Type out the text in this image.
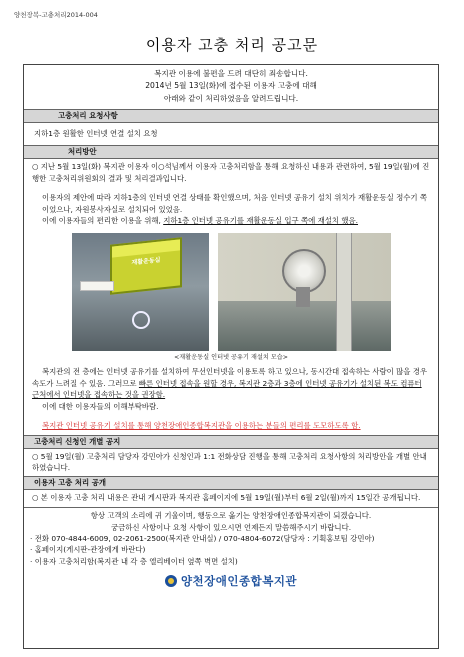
양천장복-고충처리2014-004
이용자 고충 처리 공고문
복지관 이용에 불편을 드려 대단히 죄송합니다.
2014년 5월 13일(화)에 접수된 이용자 고충에 대해
아래와 같이 처리하였음을 알려드립니다.
고충처리 요청사항
지하1층 원활한 인터넷 연결 설치 요청
처리방안
○ 지난 5월 13일(화) 복지관 이용자 이○석님께서 이용자 고충처리함을 통해 요청하신 내용과 관련하여, 5월 19일(월)에 진행한 고충처리위원회의 결과 및 처리결과입니다.
이용자의 제안에 따라 지하1층의 인터넷 연결 상태를 확인했으며, 처음 인터넷 공유기 설치 위치가 재활운동실 정수기 쪽이었으나, 자원봉사자실로 설치되어 있었음.
이에 이용자들의 편리한 이용을 위해, 지하1층 인터넷 공유기를 재활운동실 입구 쪽에 재설치 했음.
재활운동실
<재활운동실 인터넷 공유기 재설치 모습>
복지관의 전 층에는 인터넷 공유기를 설치하여 무선인터넷을 이용토록 하고 있으나, 동시간대 접속하는 사람이 많을 경우 속도가 느려질 수 있음. 그러므로 빠른 인터넷 접속을 원할 경우, 복지관 2층과 3층에 인터넷 공유기가 설치된 복도 컴퓨터 근처에서 인터넷을 접속하는 것을 권장함.
이에 대한 이용자들의 이해부탁바람.
복지관 인터넷 공유기 설치를 통해 양천장애인종합복지관을 이용하는 분들의 편리를 도모하도록 함.
고충처리 신청인 개별 공지
○ 5월 19일(월) 고충처리 담당자 강민아가 신청인과 1:1 전화상담 진행을 통해 고충처리 요청사항의 처리방안을 개별 안내하였습니다.
이용자 고충 처리 공개
○ 본 이용자 고충 처리 내용은 관내 게시판과 복지관 홈페이지에 5월 19일(월)부터 6월 2일(월)까지 15일간 공개됩니다.
항상 고객의 소리에 귀 기울이며, 행동으로 옮기는 양천장애인종합복지관이 되겠습니다.
궁금하신 사항이나 요청 사항이 있으시면 언제든지 말씀해주시기 바랍니다.
· 전화 070-4844-6009, 02-2061-2500(복지관 안내실) / 070-4804-6072(담당자 : 기획홍보팀 강민아)
· 홈페이지(게시판-관장에게 바란다)
· 이용자 고충처리함(복지관 내 각 층 엘리베이터 옆쪽 벽면 설치)
양천장애인종합복지관
